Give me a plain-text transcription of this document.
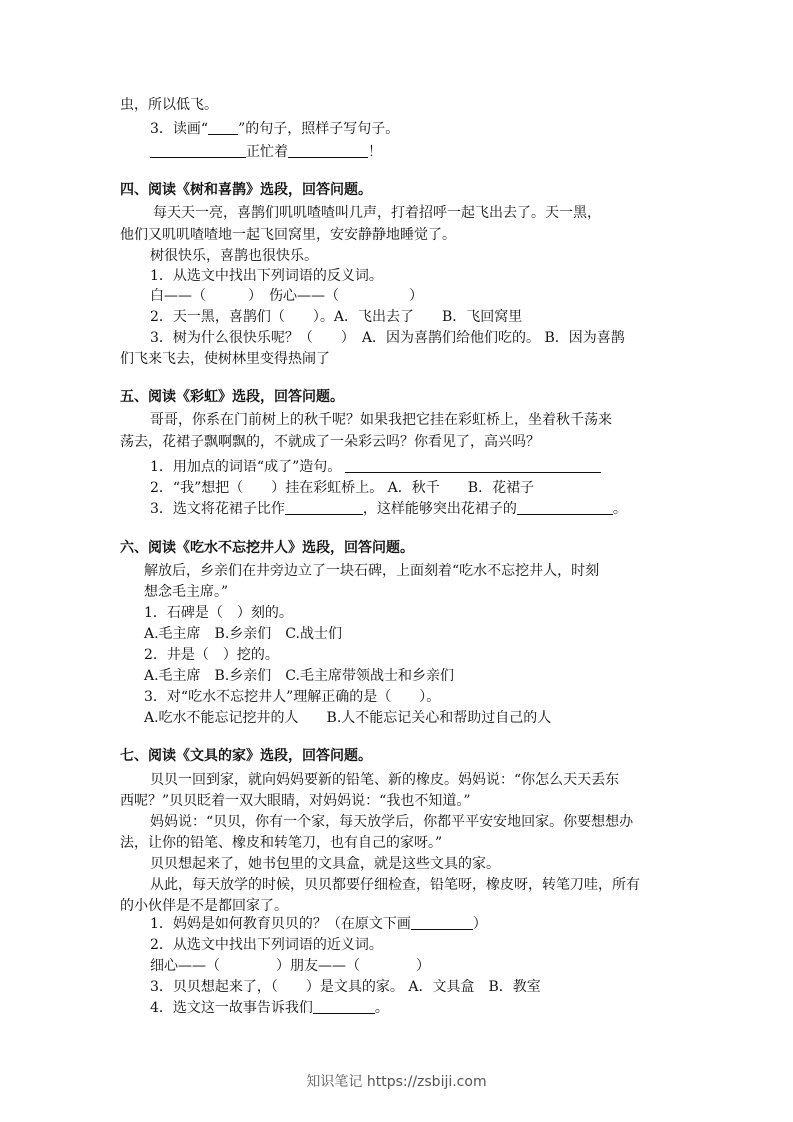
虫，所以低飞。
3．读画“ ”的句子，照样子写句子。
正忙着	！
四、阅读《树和喜鹊》选段，回答问题。
每天天一亮，喜鹊们叽叽喳喳叫几声，打着招呼一起飞出去了。天一黑，
他们又叽叽喳喳地一起飞回窝里，安安静静地睡觉了。
树很快乐，喜鹊也很快乐。
1．从选文中找出下列词语的反义词。
白——（　　　）　伤心——（　　　　　）
2．天一黑，喜鹊们（　　）。A．飞出去了　　B．飞回窝里
3．树为什么很快乐呢？（　　）　A．因为喜鹊们给他们吃的。 B．因为喜鹊
们飞来飞去，使树林里变得热闹了
五、阅读《彩虹》选段，回答问题。
哥哥，你系在门前树上的秋千呢？如果我把它挂在彩虹桥上，坐着秋千荡来
荡去，花裙子飘啊飘的，不就成了一朵彩云吗？你看见了，高兴吗？
1．用加点的词语“成了”造句。
2．“我”想把（　　）挂在彩虹桥上。 A．秋千　　B．花裙子
3．选文将花裙子比作	，这样能够突出花裙子的	。
六、阅读《吃水不忘挖井人》选段，回答问题。
解放后，乡亲们在井旁边立了一块石碑，上面刻着“吃水不忘挖井人，时刻
想念毛主席。”
1．石碑是（　）刻的。
A.毛主席　B.乡亲们　C.战士们
2．井是（　）挖的。
A.毛主席　B.乡亲们　C.毛主席带领战士和乡亲们
3．对“吃水不忘挖井人”理解正确的是（　　）。
A.吃水不能忘记挖井的人　　B.人不能忘记关心和帮助过自己的人
七、阅读《文具的家》选段，回答问题。
贝贝一回到家，就向妈妈要新的铅笔、新的橡皮。妈妈说：“你怎么天天丢东
西呢？”贝贝眨着一双大眼睛，对妈妈说：“我也不知道。”
妈妈说：“贝贝，你有一个家，每天放学后，你都平平安安地回家。你要想想办
法，让你的铅笔、橡皮和转笔刀，也有自己的家呀。”
贝贝想起来了，她书包里的文具盒，就是这些文具的家。
从此，每天放学的时候，贝贝都要仔细检查，铅笔呀，橡皮呀，转笔刀哇，所有
的小伙伴是不是都回家了。
1．妈妈是如何教育贝贝的？（在原文下画	）
2．从选文中找出下列词语的近义词。
细心——（　　　　）朋友——（　　　　）
3．贝贝想起来了，（　　）是文具的家。 A．文具盒　B．教室
4．选文这一故事告诉我们	。
知识笔记 https://zsbiji.com
